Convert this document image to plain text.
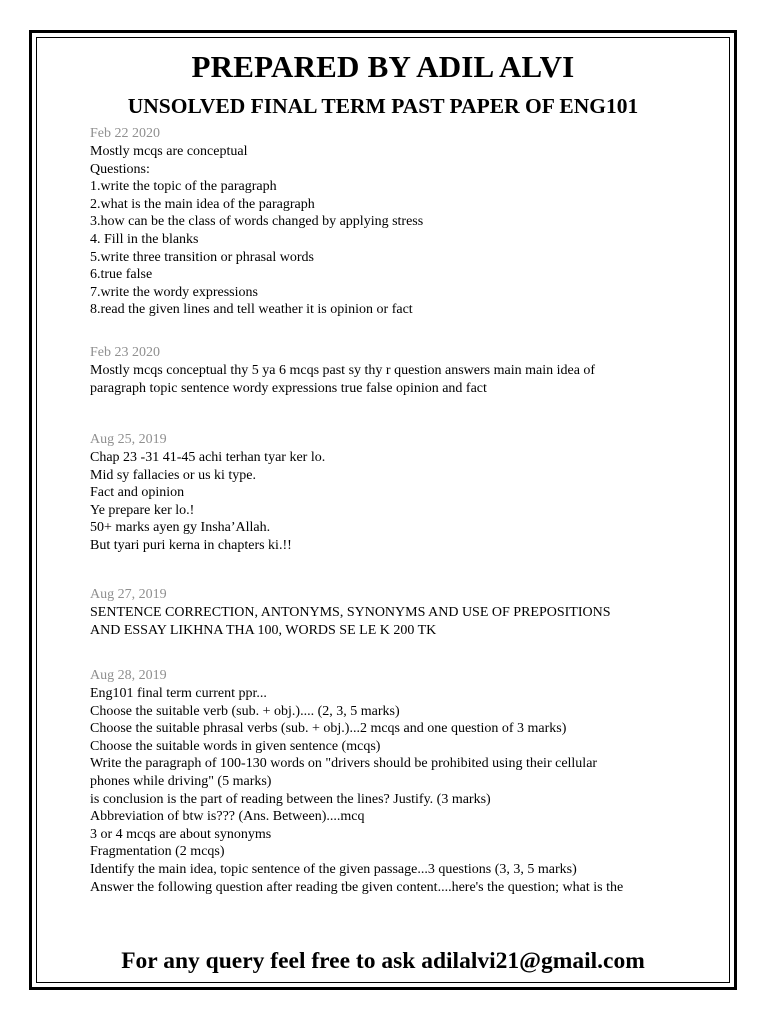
PREPARED BY ADIL ALVI
UNSOLVED FINAL TERM PAST PAPER OF ENG101
Feb 22 2020
Mostly mcqs are conceptual
Questions:
1.write the topic of the paragraph
2.what is the main idea of the paragraph
3.how can be the class of words changed by applying stress
4. Fill in the blanks
5.write three transition or phrasal words
6.true false
7.write the wordy expressions
8.read the given lines and tell weather it is opinion or fact
Feb 23 2020
Mostly mcqs conceptual thy 5 ya 6 mcqs past sy thy r question answers main main idea of
paragraph topic sentence wordy expressions true false opinion and fact
Aug 25, 2019
Chap 23 -31 41-45 achi terhan tyar ker lo.
Mid sy fallacies or us ki type.
Fact and opinion
Ye prepare ker lo.!
50+ marks ayen gy Insha’Allah.
But tyari puri kerna in chapters ki.!!
Aug 27, 2019
SENTENCE CORRECTION, ANTONYMS, SYNONYMS AND USE OF PREPOSITIONS
AND ESSAY LIKHNA THA 100, WORDS SE LE K 200 TK
Aug 28, 2019
Eng101 final term current ppr...
Choose the suitable verb (sub. + obj.).... (2, 3, 5 marks)
Choose the suitable phrasal verbs (sub. + obj.)...2 mcqs and one question of 3 marks)
Choose the suitable words in given sentence (mcqs)
Write the paragraph of 100-130 words on "drivers should be prohibited using their cellular
phones while driving" (5 marks)
is conclusion is the part of reading between the lines? Justify. (3 marks)
Abbreviation of btw is??? (Ans. Between)....mcq
3 or 4 mcqs are about synonyms
Fragmentation (2 mcqs)
Identify the main idea, topic sentence of the given passage...3 questions (3, 3, 5 marks)
Answer the following question after reading tbe given content....here's the question; what is the
For any query feel free to ask adilalvi21@gmail.com
